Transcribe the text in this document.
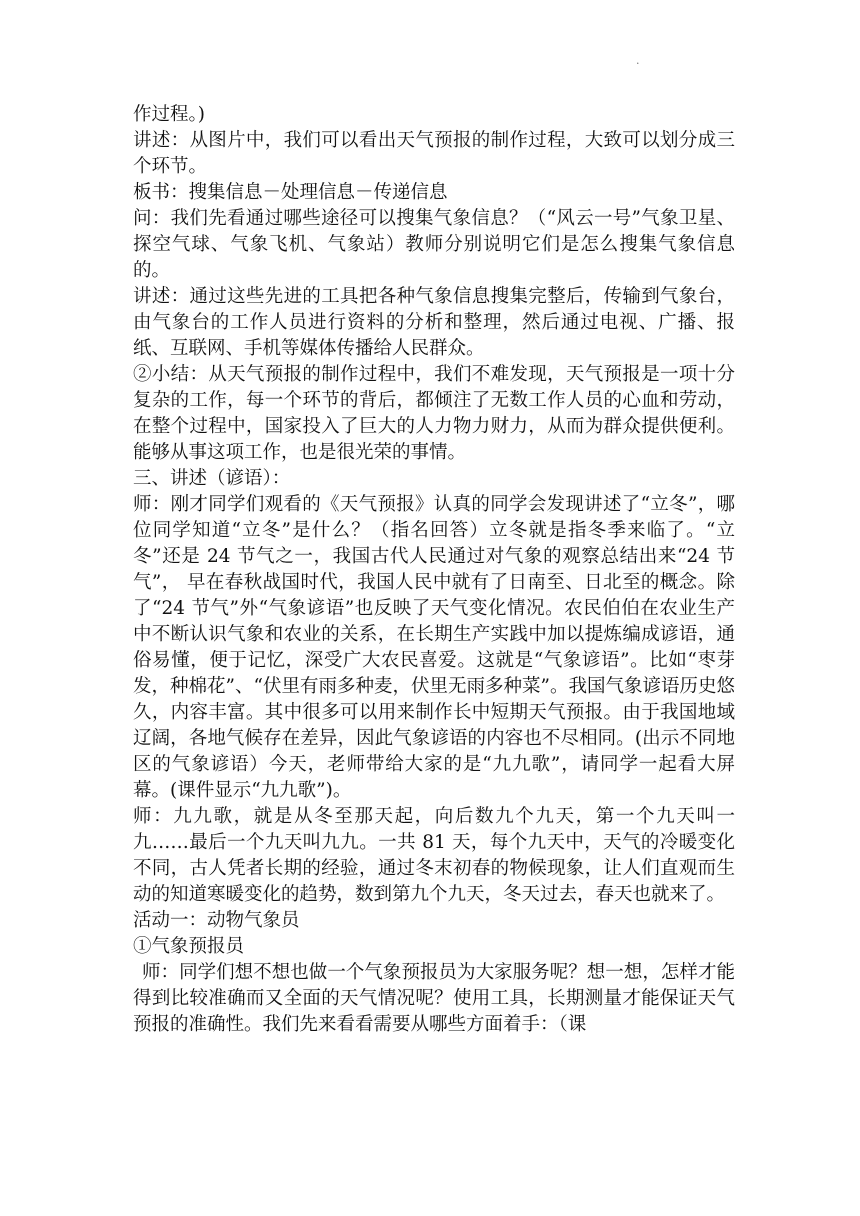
.

作过程。)

讲述：从图片中，我们可以看出天气预报的制作过程，大致可以划分成三个环节。

板书：搜集信息－处理信息－传递信息

问：我们先看通过哪些途径可以搜集气象信息？（“风云一号”气象卫星、探空气球、气象飞机、气象站）教师分别说明它们是怎么搜集气象信息的。

讲述：通过这些先进的工具把各种气象信息搜集完整后，传输到气象台，由气象台的工作人员进行资料的分析和整理，然后通过电视、广播、报纸、互联网、手机等媒体传播给人民群众。

②小结：从天气预报的制作过程中，我们不难发现，天气预报是一项十分复杂的工作，每一个环节的背后，都倾注了无数工作人员的心血和劳动，在整个过程中，国家投入了巨大的人力物力财力，从而为群众提供便利。能够从事这项工作，也是很光荣的事情。

三、讲述（谚语）：

师：刚才同学们观看的《天气预报》认真的同学会发现讲述了“立冬”，哪位同学知道“立冬”是什么？（指名回答）立冬就是指冬季来临了。“立冬”还是 24 节气之一，我国古代人民通过对气象的观察总结出来“24 节气”， 早在春秋战国时代，我国人民中就有了日南至、日北至的概念。除了“24 节气”外“气象谚语”也反映了天气变化情况。农民伯伯在农业生产中不断认识气象和农业的关系，在长期生产实践中加以提炼编成谚语，通俗易懂，便于记忆，深受广大农民喜爱。这就是“气象谚语”。比如“枣芽发，种棉花”、“伏里有雨多种麦，伏里无雨多种菜”。我国气象谚语历史悠久，内容丰富。其中很多可以用来制作长中短期天气预报。由于我国地域辽阔，各地气候存在差异，因此气象谚语的内容也不尽相同。(出示不同地区的气象谚语）今天，老师带给大家的是“九九歌”，请同学一起看大屏幕。(课件显示“九九歌”)。

师：九九歌，就是从冬至那天起，向后数九个九天，第一个九天叫一九……最后一个九天叫九九。一共 81 天，每个九天中，天气的冷暖变化不同，古人凭者长期的经验，通过冬末初春的物候现象，让人们直观而生动的知道寒暖变化的趋势，数到第九个九天，冬天过去，春天也就来了。

活动一：动物气象员

①气象预报员

师：同学们想不想也做一个气象预报员为大家服务呢？想一想，怎样才能得到比较准确而又全面的天气情况呢？使用工具，长期测量才能保证天气预报的准确性。我们先来看看需要从哪些方面着手：（课
